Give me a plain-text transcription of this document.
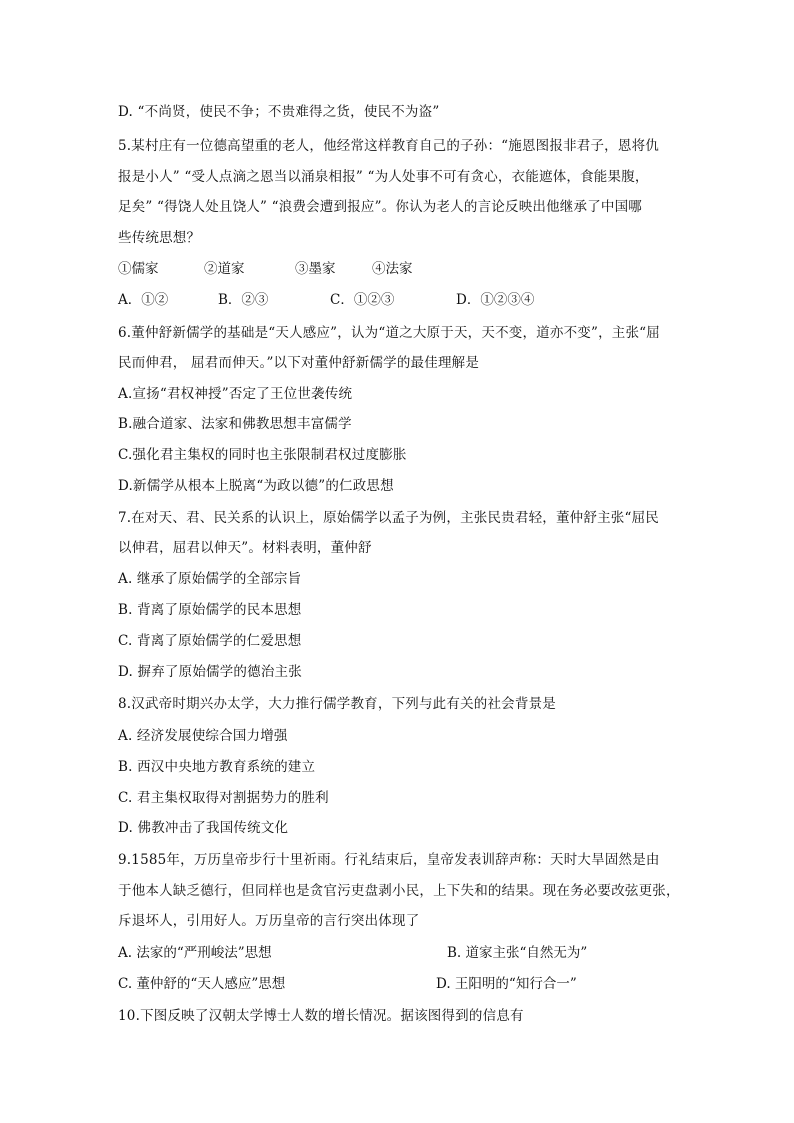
D. “不尚贤，使民不争；不贵难得之货，使民不为盗”
5.某村庄有一位德高望重的老人，他经常这样教育自己的子孙：“施恩图报非君子，恩将仇
报是小人” “受人点滴之恩当以涌泉相报” “为人处事不可有贪心，衣能遮体，食能果腹，
足矣” “得饶人处且饶人” “浪费会遭到报应”。你认为老人的言论反映出他继承了中国哪
些传统思想？
①儒家	②道家	③墨家	④法家
A．①②	B．②③	C．①②③	D．①②③④
6.董仲舒新儒学的基础是“天人感应”，认为“道之大原于天，天不变，道亦不变”，主张“屈
民而伸君， 屈君而伸天。”以下对董仲舒新儒学的最佳理解是
A.宣扬“君权神授”否定了王位世袭传统
B.融合道家、法家和佛教思想丰富儒学
C.强化君主集权的同时也主张限制君权过度膨胀
D.新儒学从根本上脱离“为政以德”的仁政思想
7.在对天、君、民关系的认识上，原始儒学以孟子为例，主张民贵君轻，董仲舒主张“屈民
以伸君，屈君以伸天”。材料表明，董仲舒
A. 继承了原始儒学的全部宗旨
B. 背离了原始儒学的民本思想
C. 背离了原始儒学的仁爱思想
D. 摒弃了原始儒学的德治主张
8.汉武帝时期兴办太学，大力推行儒学教育，下列与此有关的社会背景是
A. 经济发展使综合国力增强
B. 西汉中央地方教育系统的建立
C. 君主集权取得对割据势力的胜利
D. 佛教冲击了我国传统文化
9.1585年，万历皇帝步行十里祈雨。行礼结束后，皇帝发表训辞声称：天时大旱固然是由
于他本人缺乏德行，但同样也是贪官污吏盘剥小民，上下失和的结果。现在务必要改弦更张，
斥退坏人，引用好人。万历皇帝的言行突出体现了
A. 法家的“严刑峻法”思想	B. 道家主张“自然无为”
C. 董仲舒的“天人感应”思想	D. 王阳明的“知行合一”
10.下图反映了汉朝太学博士人数的增长情况。据该图得到的信息有
